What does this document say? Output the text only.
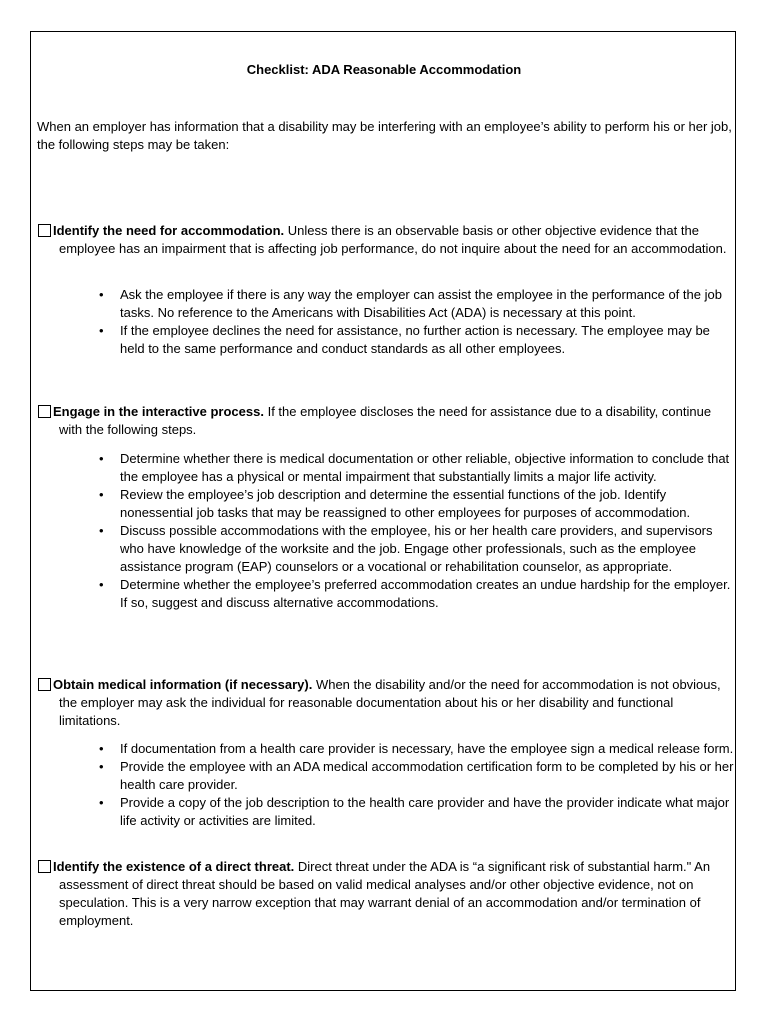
Checklist: ADA Reasonable Accommodation
When an employer has information that a disability may be interfering with an employee’s ability to perform his or her job, the following steps may be taken:
Identify the need for accommodation. Unless there is an observable basis or other objective evidence that the employee has an impairment that is affecting job performance, do not inquire about the need for an accommodation.
• Ask the employee if there is any way the employer can assist the employee in the performance of the job tasks. No reference to the Americans with Disabilities Act (ADA) is necessary at this point.
• If the employee declines the need for assistance, no further action is necessary. The employee may be held to the same performance and conduct standards as all other employees.
Engage in the interactive process. If the employee discloses the need for assistance due to a disability, continue with the following steps.
• Determine whether there is medical documentation or other reliable, objective information to conclude that the employee has a physical or mental impairment that substantially limits a major life activity.
• Review the employee’s job description and determine the essential functions of the job. Identify nonessential job tasks that may be reassigned to other employees for purposes of accommodation.
• Discuss possible accommodations with the employee, his or her health care providers, and supervisors who have knowledge of the worksite and the job. Engage other professionals, such as the employee assistance program (EAP) counselors or a vocational or rehabilitation counselor, as appropriate.
• Determine whether the employee’s preferred accommodation creates an undue hardship for the employer. If so, suggest and discuss alternative accommodations.
Obtain medical information (if necessary). When the disability and/or the need for accommodation is not obvious, the employer may ask the individual for reasonable documentation about his or her disability and functional limitations.
• If documentation from a health care provider is necessary, have the employee sign a medical release form.
• Provide the employee with an ADA medical accommodation certification form to be completed by his or her health care provider.
• Provide a copy of the job description to the health care provider and have the provider indicate what major life activity or activities are limited.
Identify the existence of a direct threat. Direct threat under the ADA is “a significant risk of substantial harm." An assessment of direct threat should be based on valid medical analyses and/or other objective evidence, not on speculation. This is a very narrow exception that may warrant denial of an accommodation and/or termination of employment.
